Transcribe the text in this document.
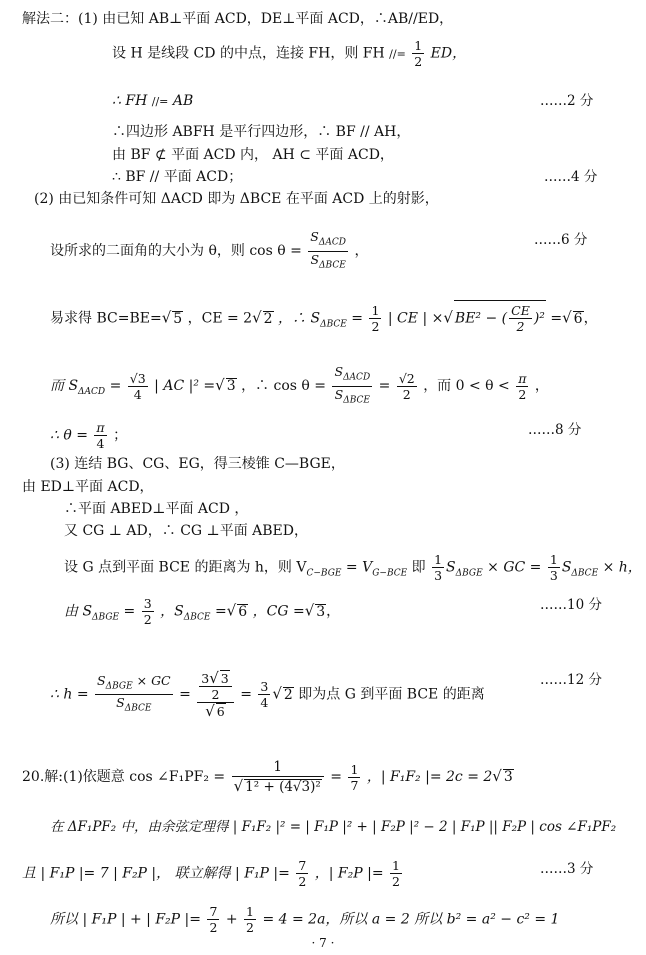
解法二：(1) 由已知 AB⊥平面 ACD，DE⊥平面 ACD，∴AB//ED，
设 H 是线段 CD 的中点，连接 FH，则 FH //= $\frac{1}{2}$ ED，
∴ FH //= AB	……2 分
∴四边形 ABFH 是平行四边形，∴ BF // AH，
由 BF ⊄ 平面 ACD 内， AH ⊂ 平面 ACD，
∴ BF // 平面 ACD；	……4 分
(2) 由已知条件可知 ΔACD 即为 ΔBCE 在平面 ACD 上的射影，
设所求的二面角的大小为 θ，则 $\cos \theta = \frac{S_{\Delta ACD}}{S_{\Delta BCE}}$ ，
……6 分
易求得 BC=BE=√ 5 ，CE = 2√ 2 ，∴ $S_{\Delta BCE} = \frac{1}{2}$ | CE | ×√ BE² − ( $\frac{CE}{2} )^2$ =√ 6，
而 $S_{\Delta ACD} = \frac{√3}{4}$ | AC |² =√ 3 ，∴ $\cos \theta = \frac{S_{\Delta ACD}}{S_{\Delta BCE}} = \frac{√2}{2}$ ，而 $0 < \theta < \frac{\pi}{2}$ ，
∴ $\theta = \frac{\pi}{4}$ ；	……8 分
(3) 连结 BG、CG、EG，得三棱锥 C—BGE，
由 ED⊥平面 ACD，
∴平面 ABED⊥平面 ACD ，
又 CG ⊥ AD，∴ CG ⊥平面 ABED，
设 G 点到平面 BCE 的距离为 h，则 $V_{C-BGE} = V_{G-BCE}$ 即 $\frac{1}{3} S_{\Delta BGE}$ × GC = $\frac{1}{3} S_{\Delta BCE} \times h$，
由 $S_{\Delta BGE} = \frac{3}{2}$ ，$S_{\Delta BCE}$ =√ 6 ，CG =√ 3，	……10 分
∴ $h = \frac{S_{\Delta BGE} \times GC}{S_{\Delta BCE}} = \frac{\frac{3√ 3}{2}}{√ 6} = \frac{3}{4}$ √ 2 即为点 G 到平面 BCE 的距离
……12 分
20.解:(1)依题意 cos ∠F₁PF₂ = $\frac{1}{\text{√ 1² + (4√3)²}} = \frac{1}{7}$ ，| F₁F₂ |= 2c = 2√ 3
在 ΔF₁PF₂ 中，由余弦定理得 | F₁F₂ |² = | F₁P |² + | F₂P |² − 2 | F₁P || F₂P | cos ∠F₁PF₂
且 | F₁P |= 7 | F₂P |， 联立解得 | F₁P |= $\frac{7}{2}$ ，| F₂P |= $\frac{1}{2}$	……3 分
所以 | F₁P | + | F₂P |= $\frac{7}{2} + \frac{1}{2} = 4 = 2a$，所以 a = 2 所以 b² = a² − c² = 1
· 7 ·
